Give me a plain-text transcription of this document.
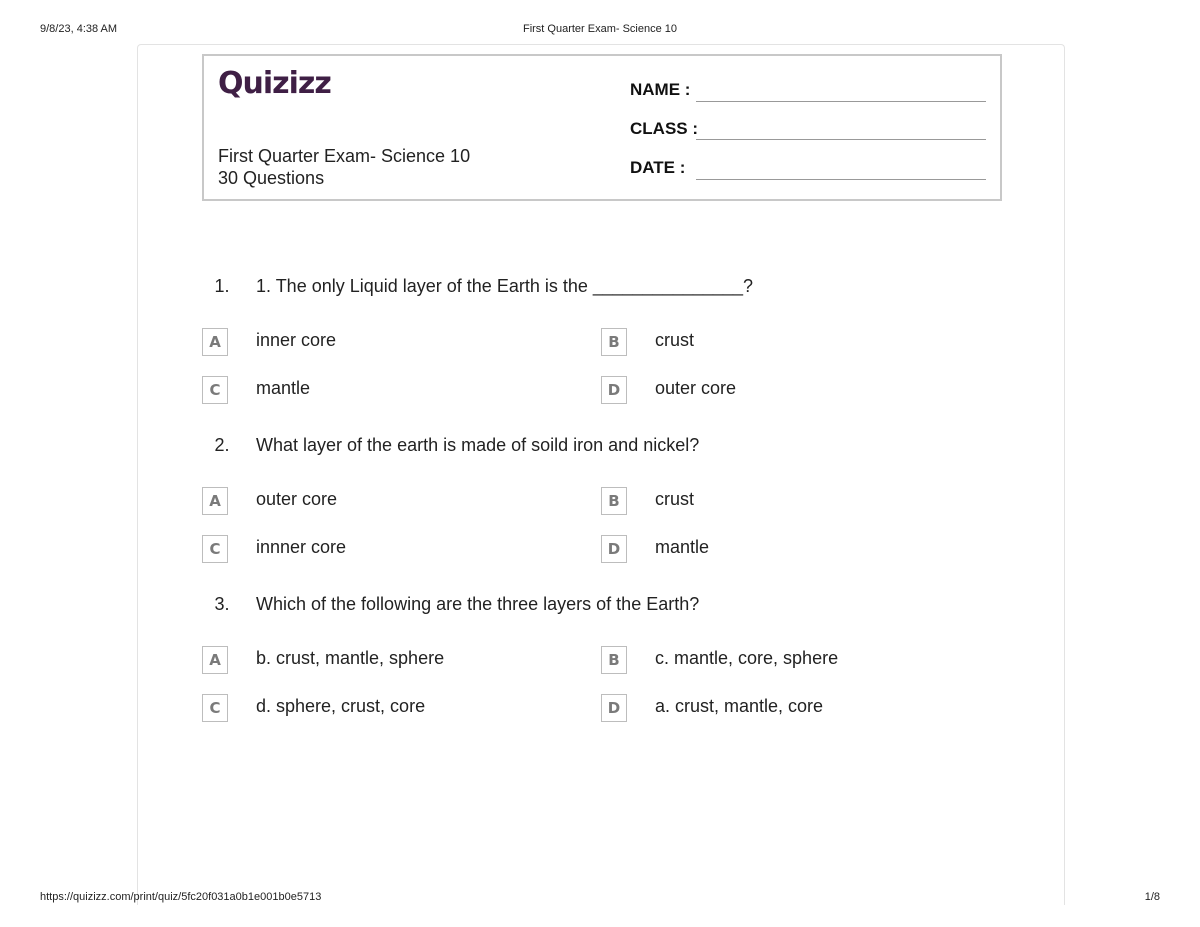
9/8/23, 4:38 AM	First Quarter Exam- Science 10
Quizizz
First Quarter Exam- Science 10
30 Questions
NAME :
CLASS :
DATE :
1. 1. The only Liquid layer of the Earth is the _______________?
A	inner core	B	crust
C	mantle	D	outer core
2. What layer of the earth is made of soild iron and nickel?
A	outer core	B	crust
C	innner core	D	mantle
3. Which of the following are the three layers of the Earth?
A	b. crust, mantle, sphere	B	c. mantle, core, sphere
C	d. sphere, crust, core	D	a. crust, mantle, core
https://quizizz.com/print/quiz/5fc20f031a0b1e001b0e5713	1/8
